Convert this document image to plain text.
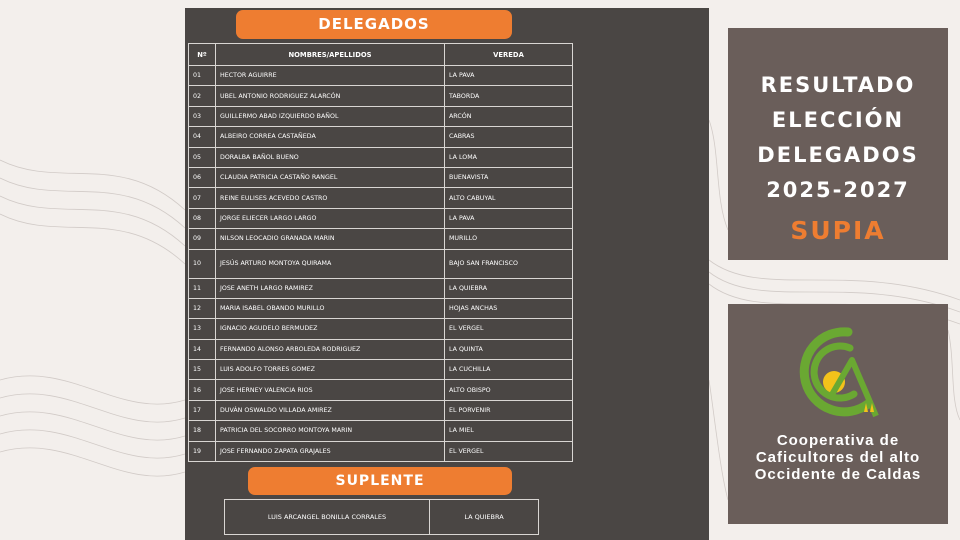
DELEGADOS
Nº	NOMBRES/APELLIDOS	VEREDA
01	HECTOR AGUIRRE	LA PAVA
02	UBEL ANTONIO RODRIGUEZ ALARCÓN	TABORDA
03	GUILLERMO ABAD IZQUIERDO BAÑOL	ARCÓN
04	ALBEIRO CORREA CASTAÑEDA	CABRAS
05	DORALBA BAÑOL BUENO	LA LOMA
06	CLAUDIA PATRICIA CASTAÑO RANGEL	BUENAVISTA
07	REINE EULISES ACEVEDO CASTRO	ALTO CABUYAL
08	JORGE ELIECER LARGO LARGO	LA PAVA
09	NILSON LEOCADIO GRANADA MARIN	MURILLO
10	JESÚS ARTURO MONTOYA QUIRAMA	BAJO SAN FRANCISCO
11	JOSE ANETH LARGO RAMIREZ	LA QUIEBRA
12	MARIA ISABEL OBANDO MURILLO	HOJAS ANCHAS
13	IGNACIO AGUDELO BERMUDEZ	EL VERGEL
14	FERNANDO ALONSO ARBOLEDA RODRIGUEZ	LA QUINTA
15	LUIS ADOLFO TORRES GOMEZ	LA CUCHILLA
16	JOSE HERNEY VALENCIA RIOS	ALTO OBISPO
17	DUVÁN OSWALDO VILLADA AMIREZ	EL PORVENIR
18	PATRICIA DEL SOCORRO MONTOYA MARIN	LA MIEL
19	JOSE FERNANDO ZAPATA GRAJALES	EL VERGEL
SUPLENTE
LUIS ARCANGEL BONILLA CORRALES	LA QUIEBRA
RESULTADO
ELECCIÓN
DELEGADOS
2025-2027
SUPIA
Cooperativa de
Caficultores del alto
Occidente de Caldas
